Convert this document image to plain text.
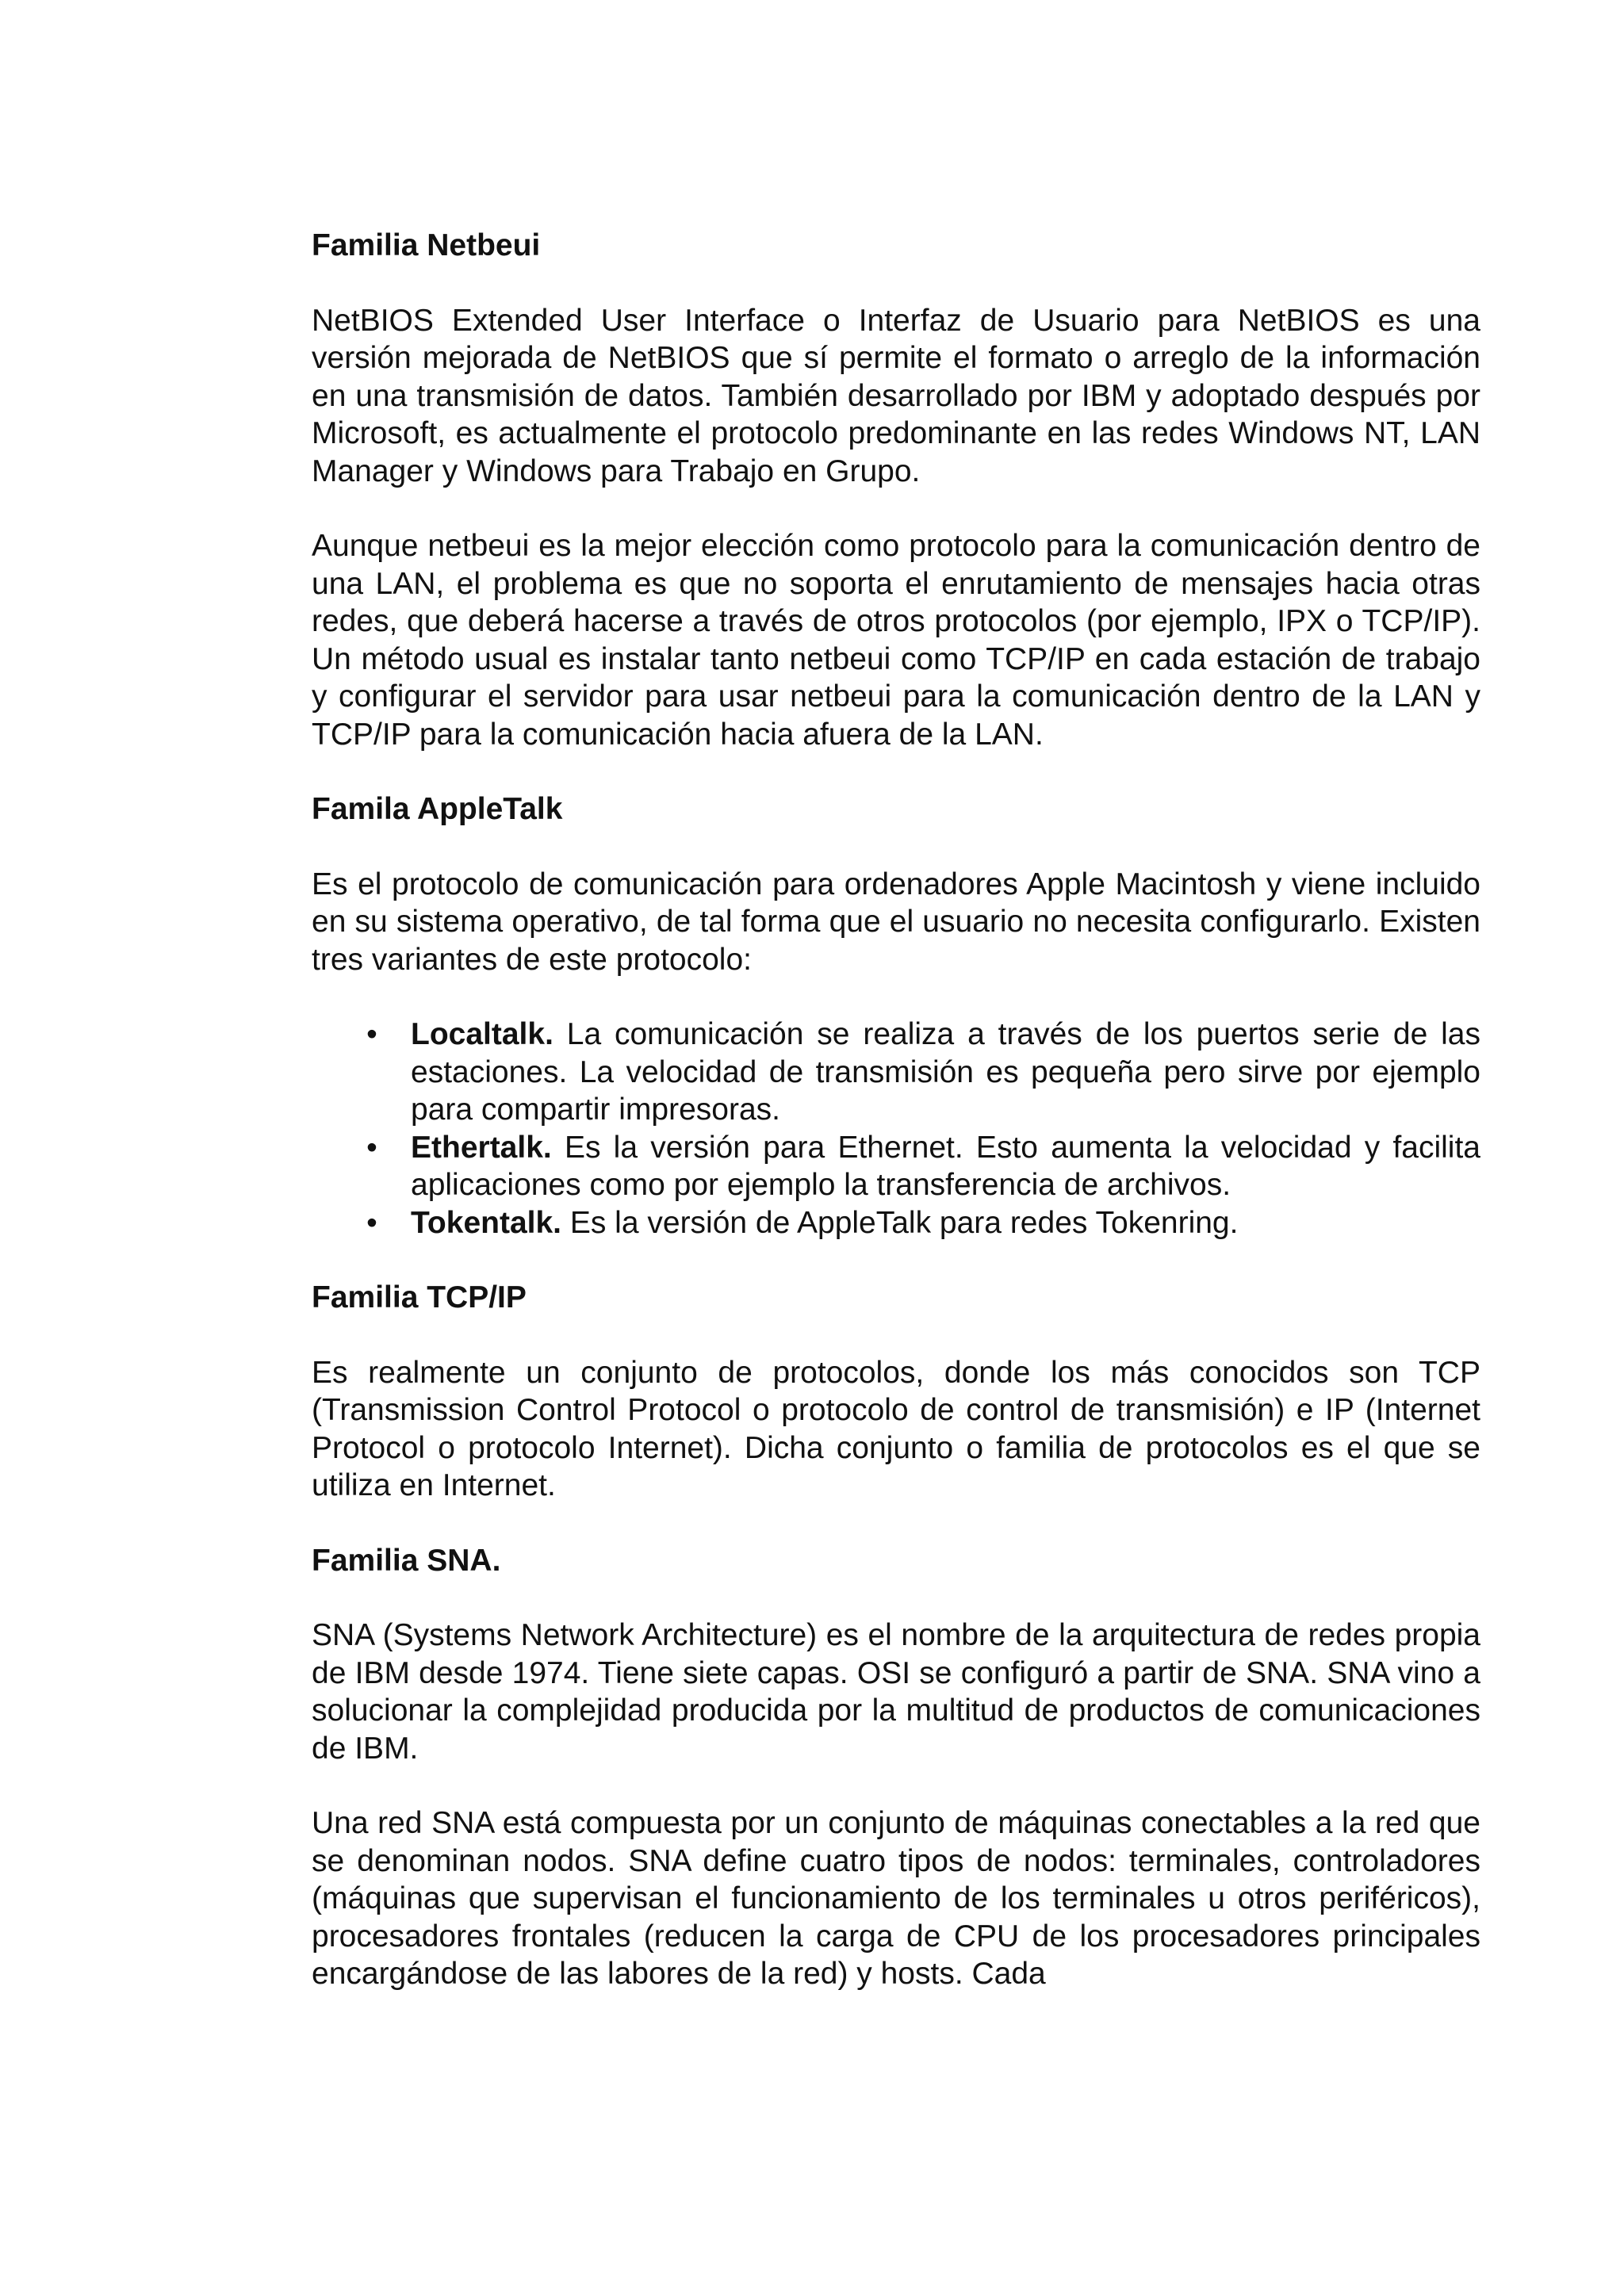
Familia Netbeui

NetBIOS Extended User Interface o Interfaz de Usuario para NetBIOS es una versión mejorada de NetBIOS que sí permite el formato o arreglo de la información en una transmisión de datos. También desarrollado por IBM y adoptado después por Microsoft, es actualmente el protocolo predominante en las redes Windows NT, LAN Manager y Windows para Trabajo en Grupo.

Aunque netbeui es la mejor elección como protocolo para la comunicación dentro de una LAN, el problema es que no soporta el enrutamiento de mensajes hacia otras redes, que deberá hacerse a través de otros protocolos (por ejemplo, IPX o TCP/IP). Un método usual es instalar tanto netbeui como TCP/IP en cada estación de trabajo y configurar el servidor para usar netbeui para la comunicación dentro de la LAN y TCP/IP para la comunicación hacia afuera de la LAN.

Famila AppleTalk

Es el protocolo de comunicación para ordenadores Apple Macintosh y viene incluido en su sistema operativo, de tal forma que el usuario no necesita configurarlo. Existen tres variantes de este protocolo:

• Localtalk. La comunicación se realiza a través de los puertos serie de las estaciones. La velocidad de transmisión es pequeña pero sirve por ejemplo para compartir impresoras.
• Ethertalk. Es la versión para Ethernet. Esto aumenta la velocidad y facilita aplicaciones como por ejemplo la transferencia de archivos.
• Tokentalk. Es la versión de AppleTalk para redes Tokenring.
Familia TCP/IP

Es realmente un conjunto de protocolos, donde los más conocidos son TCP (Transmission Control Protocol o protocolo de control de transmisión) e IP (Internet Protocol o protocolo Internet). Dicha conjunto o familia de protocolos es el que se utiliza en Internet.

Familia SNA.

SNA (Systems Network Architecture) es el nombre de la arquitectura de redes propia de IBM desde 1974. Tiene siete capas. OSI se configuró a partir de SNA. SNA vino a solucionar la complejidad producida por la multitud de productos de comunicaciones de IBM.

Una red SNA está compuesta por un conjunto de máquinas conectables a la red que se denominan nodos. SNA define cuatro tipos de nodos: terminales, controladores (máquinas que supervisan el funcionamiento de los terminales u otros periféricos), procesadores frontales (reducen la carga de CPU de los procesadores principales encargándose de las labores de la red) y hosts. Cada
